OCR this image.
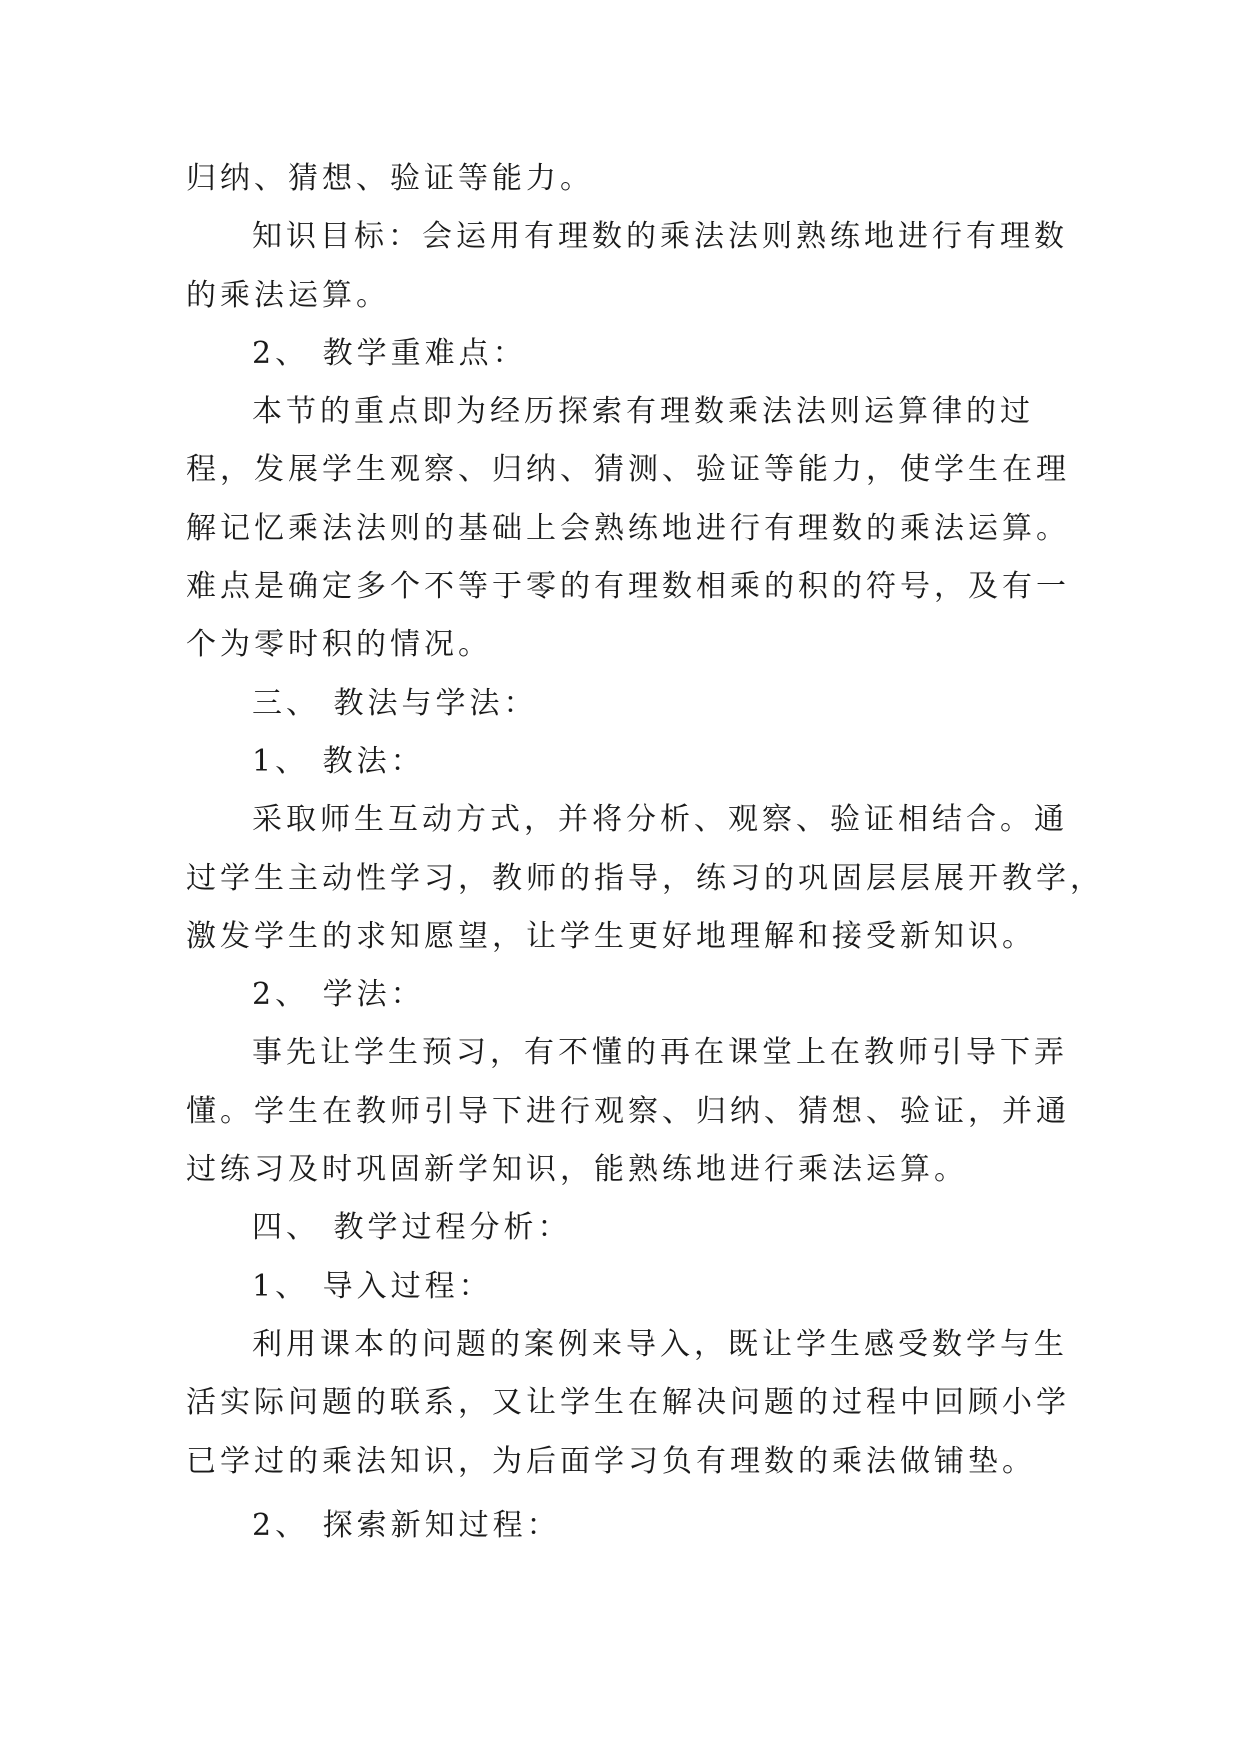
归纳、猜想、验证等能力。
知识目标：会运用有理数的乘法法则熟练地进行有理数
的乘法运算。
2、 教学重难点：
本节的重点即为经历探索有理数乘法法则运算律的过
程，发展学生观察、归纳、猜测、验证等能力，使学生在理
解记忆乘法法则的基础上会熟练地进行有理数的乘法运算。
难点是确定多个不等于零的有理数相乘的积的符号，及有一
个为零时积的情况。
三、 教法与学法：
1、 教法：
采取师生互动方式，并将分析、观察、验证相结合。通
过学生主动性学习，教师的指导，练习的巩固层层展开教学，
激发学生的求知愿望，让学生更好地理解和接受新知识。
2、 学法：
事先让学生预习，有不懂的再在课堂上在教师引导下弄
懂。学生在教师引导下进行观察、归纳、猜想、验证，并通
过练习及时巩固新学知识，能熟练地进行乘法运算。
四、 教学过程分析：
1、 导入过程：
利用课本的问题的案例来导入，既让学生感受数学与生
活实际问题的联系，又让学生在解决问题的过程中回顾小学
已学过的乘法知识，为后面学习负有理数的乘法做铺垫。
2、 探索新知过程：
